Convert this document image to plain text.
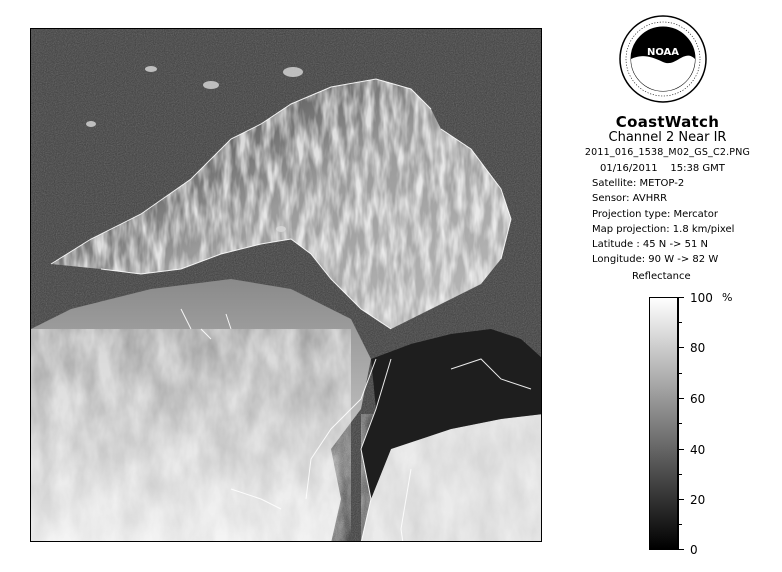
NOAA
CoastWatch
Channel 2 Near IR
2011_016_1538_M02_GS_C2.PNG
01/16/2011 15:38 GMT
Satellite: METOP-2
Sensor: AVHRR
Projection type: Mercator
Map projection: 1.8 km/pixel
Latitude : 45 N -> 51 N
Longitude: 90 W -> 82 W
Reflectance
%
100
80
60
40
20
0
